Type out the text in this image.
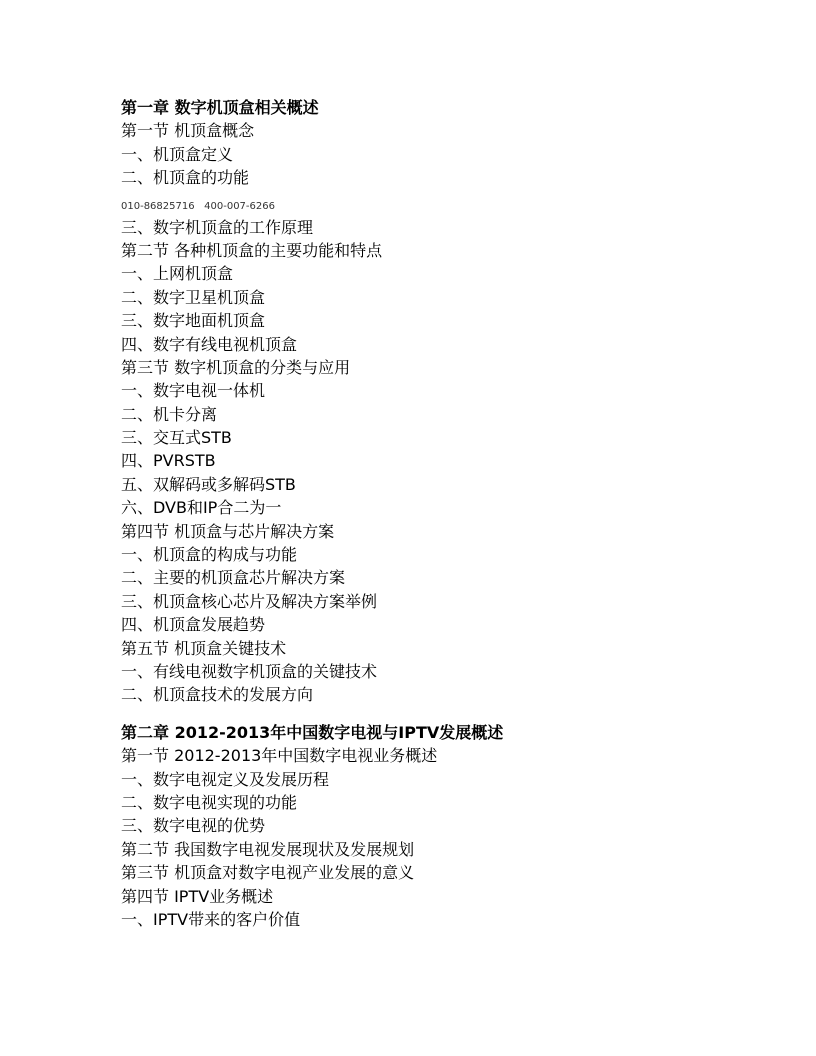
第一章 数字机顶盒相关概述
第一节 机顶盒概念
一、机顶盒定义
二、机顶盒的功能
010-86825716   400-007-6266
三、数字机顶盒的工作原理
第二节 各种机顶盒的主要功能和特点
一、上网机顶盒
二、数字卫星机顶盒
三、数字地面机顶盒
四、数字有线电视机顶盒
第三节 数字机顶盒的分类与应用
一、数字电视一体机
二、机卡分离
三、交互式STB
四、PVRSTB
五、双解码或多解码STB
六、DVB和IP合二为一
第四节 机顶盒与芯片解决方案
一、机顶盒的构成与功能
二、主要的机顶盒芯片解决方案
三、机顶盒核心芯片及解决方案举例
四、机顶盒发展趋势
第五节 机顶盒关键技术
一、有线电视数字机顶盒的关键技术
二、机顶盒技术的发展方向
第二章 2012-2013年中国数字电视与IPTV发展概述
第一节 2012-2013年中国数字电视业务概述
一、数字电视定义及发展历程
二、数字电视实现的功能
三、数字电视的优势
第二节 我国数字电视发展现状及发展规划
第三节 机顶盒对数字电视产业发展的意义
第四节 IPTV业务概述
一、IPTV带来的客户价值
